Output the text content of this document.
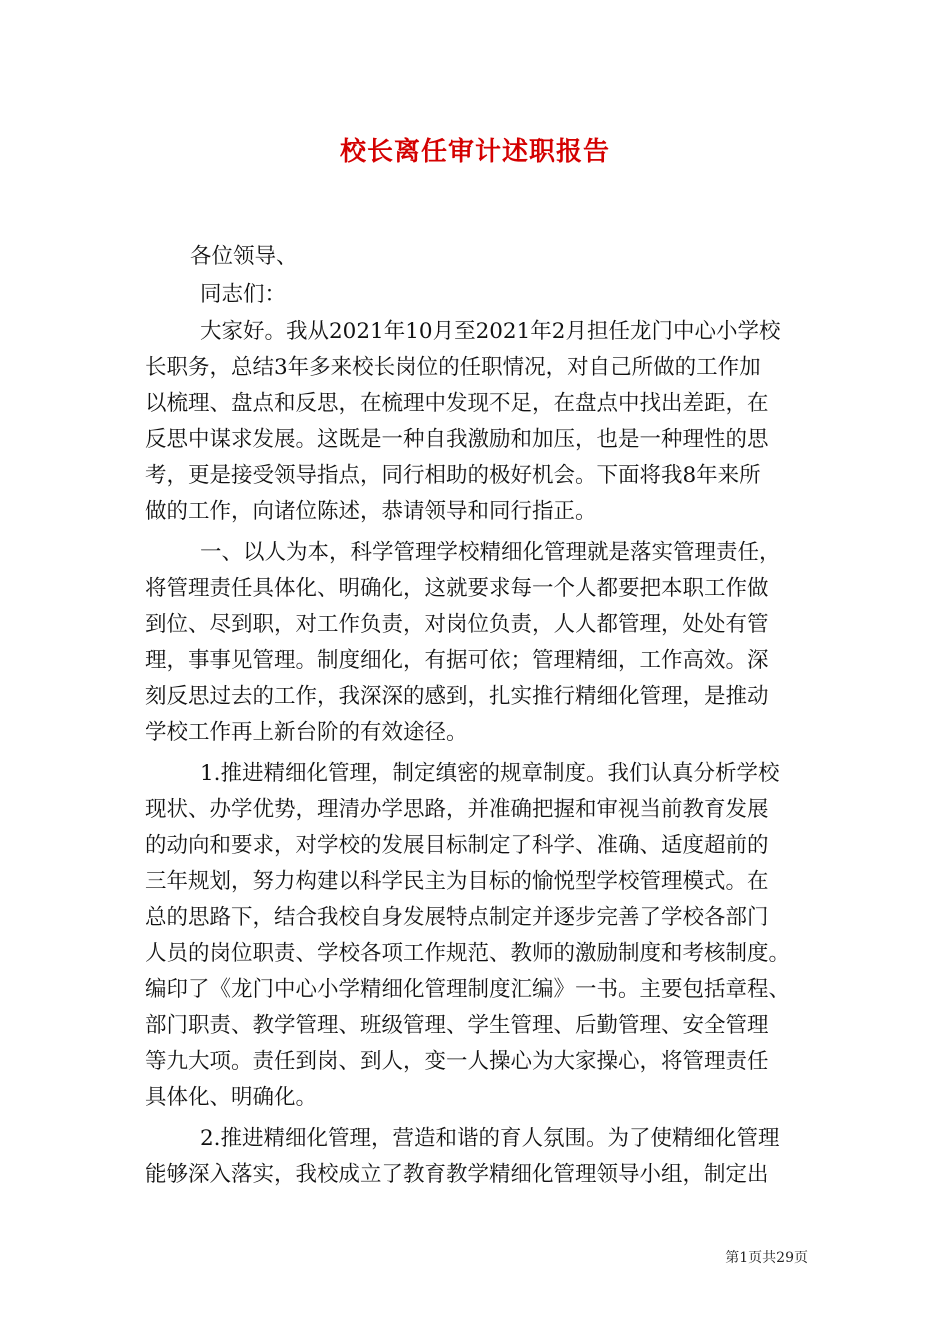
校长离任审计述职报告
各位领导、
同志们：
大家好。我从2021年10月至2021年2月担任龙门中心小学校
长职务，总结3年多来校长岗位的任职情况，对自己所做的工作加
以梳理、盘点和反思，在梳理中发现不足，在盘点中找出差距，在
反思中谋求发展。这既是一种自我激励和加压，也是一种理性的思
考，更是接受领导指点，同行相助的极好机会。下面将我8年来所
做的工作，向诸位陈述，恭请领导和同行指正。
一、以人为本，科学管理学校精细化管理就是落实管理责任，
将管理责任具体化、明确化，这就要求每一个人都要把本职工作做
到位、尽到职，对工作负责，对岗位负责，人人都管理，处处有管
理，事事见管理。制度细化，有据可依；管理精细，工作高效。深
刻反思过去的工作，我深深的感到，扎实推行精细化管理，是推动
学校工作再上新台阶的有效途径。
1.推进精细化管理，制定缜密的规章制度。我们认真分析学校
现状、办学优势，理清办学思路，并准确把握和审视当前教育发展
的动向和要求，对学校的发展目标制定了科学、准确、适度超前的
三年规划，努力构建以科学民主为目标的愉悦型学校管理模式。在
总的思路下，结合我校自身发展特点制定并逐步完善了学校各部门
人员的岗位职责、学校各项工作规范、教师的激励制度和考核制度。
编印了《龙门中心小学精细化管理制度汇编》一书。主要包括章程、
部门职责、教学管理、班级管理、学生管理、后勤管理、安全管理
等九大项。责任到岗、到人，变一人操心为大家操心，将管理责任
具体化、明确化。
2.推进精细化管理，营造和谐的育人氛围。为了使精细化管理
能够深入落实，我校成立了教育教学精细化管理领导小组，制定出
第1页共29页
